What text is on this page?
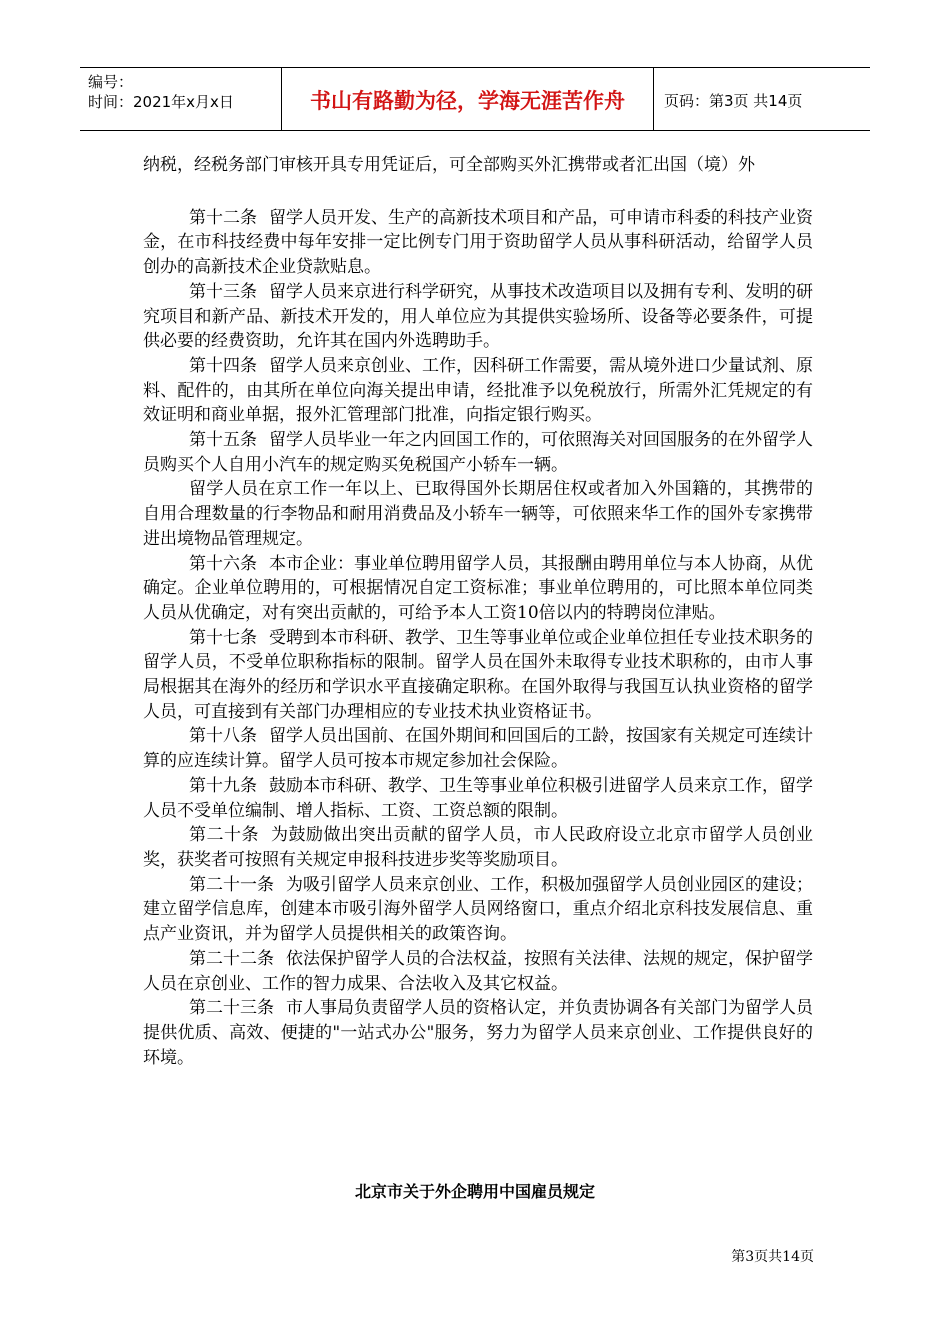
编号：
时间：2021年x月x日	书山有路勤为径，学海无涯苦作舟	页码：第3页 共14页

纳税，经税务部门审核开具专用凭证后，可全部购买外汇携带或者汇出国（境）外

第十二条 留学人员开发、生产的高新技术项目和产品，可申请市科委的科技产业资金，在市科技经费中每年安排一定比例专门用于资助留学人员从事科研活动，给留学人员创办的高新技术企业贷款贴息。

第十三条 留学人员来京进行科学研究，从事技术改造项目以及拥有专利、发明的研究项目和新产品、新技术开发的，用人单位应为其提供实验场所、设备等必要条件，可提供必要的经费资助，允许其在国内外选聘助手。

第十四条 留学人员来京创业、工作，因科研工作需要，需从境外进口少量试剂、原料、配件的，由其所在单位向海关提出申请，经批准予以免税放行，所需外汇凭规定的有效证明和商业单据，报外汇管理部门批准，向指定银行购买。

第十五条 留学人员毕业一年之内回国工作的，可依照海关对回国服务的在外留学人员购买个人自用小汽车的规定购买免税国产小轿车一辆。

留学人员在京工作一年以上、已取得国外长期居住权或者加入外国籍的，其携带的自用合理数量的行李物品和耐用消费品及小轿车一辆等，可依照来华工作的国外专家携带进出境物品管理规定。

第十六条 本市企业：事业单位聘用留学人员，其报酬由聘用单位与本人协商，从优确定。企业单位聘用的，可根据情况自定工资标准；事业单位聘用的，可比照本单位同类人员从优确定，对有突出贡献的，可给予本人工资10倍以内的特聘岗位津贴。

第十七条 受聘到本市科研、教学、卫生等事业单位或企业单位担任专业技术职务的留学人员，不受单位职称指标的限制。留学人员在国外未取得专业技术职称的，由市人事局根据其在海外的经历和学识水平直接确定职称。在国外取得与我国互认执业资格的留学人员，可直接到有关部门办理相应的专业技术执业资格证书。

第十八条 留学人员出国前、在国外期间和回国后的工龄，按国家有关规定可连续计算的应连续计算。留学人员可按本市规定参加社会保险。

第十九条 鼓励本市科研、教学、卫生等事业单位积极引进留学人员来京工作，留学人员不受单位编制、增人指标、工资、工资总额的限制。

第二十条 为鼓励做出突出贡献的留学人员，市人民政府设立北京市留学人员创业奖，获奖者可按照有关规定申报科技进步奖等奖励项目。

第二十一条 为吸引留学人员来京创业、工作，积极加强留学人员创业园区的建设；建立留学信息库，创建本市吸引海外留学人员网络窗口，重点介绍北京科技发展信息、重点产业资讯，并为留学人员提供相关的政策咨询。

第二十二条 依法保护留学人员的合法权益，按照有关法律、法规的规定，保护留学人员在京创业、工作的智力成果、合法收入及其它权益。

第二十三条 市人事局负责留学人员的资格认定，并负责协调各有关部门为留学人员提供优质、高效、便捷的"一站式办公"服务，努力为留学人员来京创业、工作提供良好的环境。

北京市关于外企聘用中国雇员规定
第3页共14页
